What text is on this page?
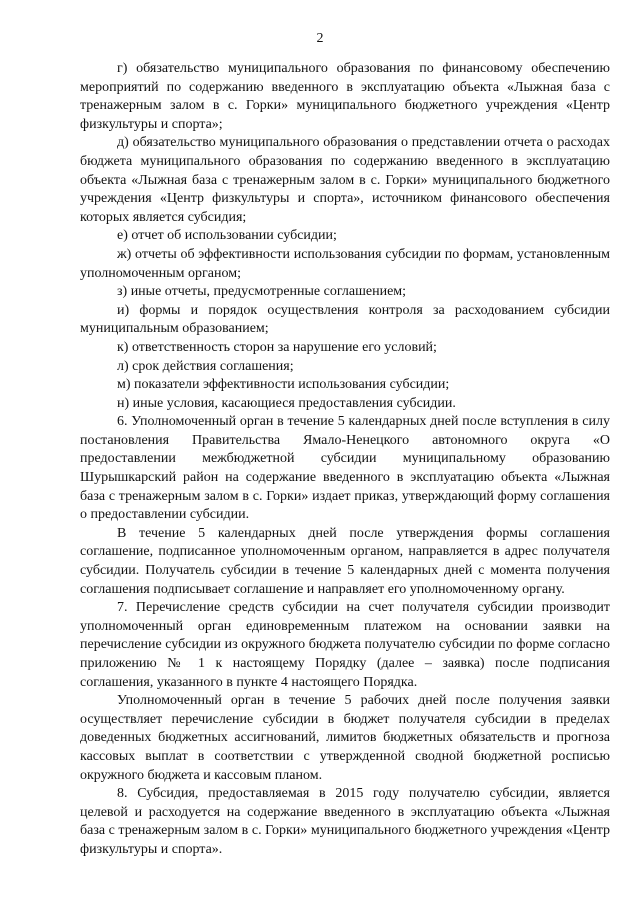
2

г) обязательство муниципального образования по финансовому обеспечению мероприятий по содержанию введенного в эксплуатацию объекта «Лыжная база с тренажерным залом в с. Горки» муниципального бюджетного учреждения «Центр физкультуры и спорта»;

д) обязательство муниципального образования о представлении отчета о расходах бюджета муниципального образования по содержанию введенного в эксплуатацию объекта «Лыжная база с тренажерным залом в с. Горки» муниципального бюджетного учреждения «Центр физкультуры и спорта», источником финансового обеспечения которых является субсидия;

е) отчет об использовании субсидии;

ж) отчеты об эффективности использования субсидии по формам, установленным уполномоченным органом;

з) иные отчеты, предусмотренные соглашением;

и) формы и порядок осуществления контроля за расходованием субсидии муниципальным образованием;

к) ответственность сторон за нарушение его условий;

л) срок действия соглашения;

м) показатели эффективности использования субсидии;

н) иные условия, касающиеся предоставления субсидии.

6. Уполномоченный орган в течение 5 календарных дней после вступления в силу постановления Правительства Ямало-Ненецкого автономного округа «О предоставлении межбюджетной субсидии муниципальному образованию Шурышкарский район на содержание введенного в эксплуатацию объекта «Лыжная база с тренажерным залом в с. Горки» издает приказ, утверждающий форму соглашения о предоставлении субсидии.

В течение 5 календарных дней после утверждения формы соглашения соглашение, подписанное уполномоченным органом, направляется в адрес получателя субсидии. Получатель субсидии в течение 5 календарных дней с момента получения соглашения подписывает соглашение и направляет его уполномоченному органу.

7. Перечисление средств субсидии на счет получателя субсидии производит уполномоченный орган единовременным платежом на основании заявки на перечисление субсидии из окружного бюджета получателю субсидии по форме согласно приложению № 1 к настоящему Порядку (далее – заявка) после подписания соглашения, указанного в пункте 4 настоящего Порядка.

Уполномоченный орган в течение 5 рабочих дней после получения заявки осуществляет перечисление субсидии в бюджет получателя субсидии в пределах доведенных бюджетных ассигнований, лимитов бюджетных обязательств и прогноза кассовых выплат в соответствии с утвержденной сводной бюджетной росписью окружного бюджета и кассовым планом.

8. Субсидия, предоставляемая в 2015 году получателю субсидии, является целевой и расходуется на содержание введенного в эксплуатацию объекта «Лыжная база с тренажерным залом в с. Горки» муниципального бюджетного учреждения «Центр физкультуры и спорта».
